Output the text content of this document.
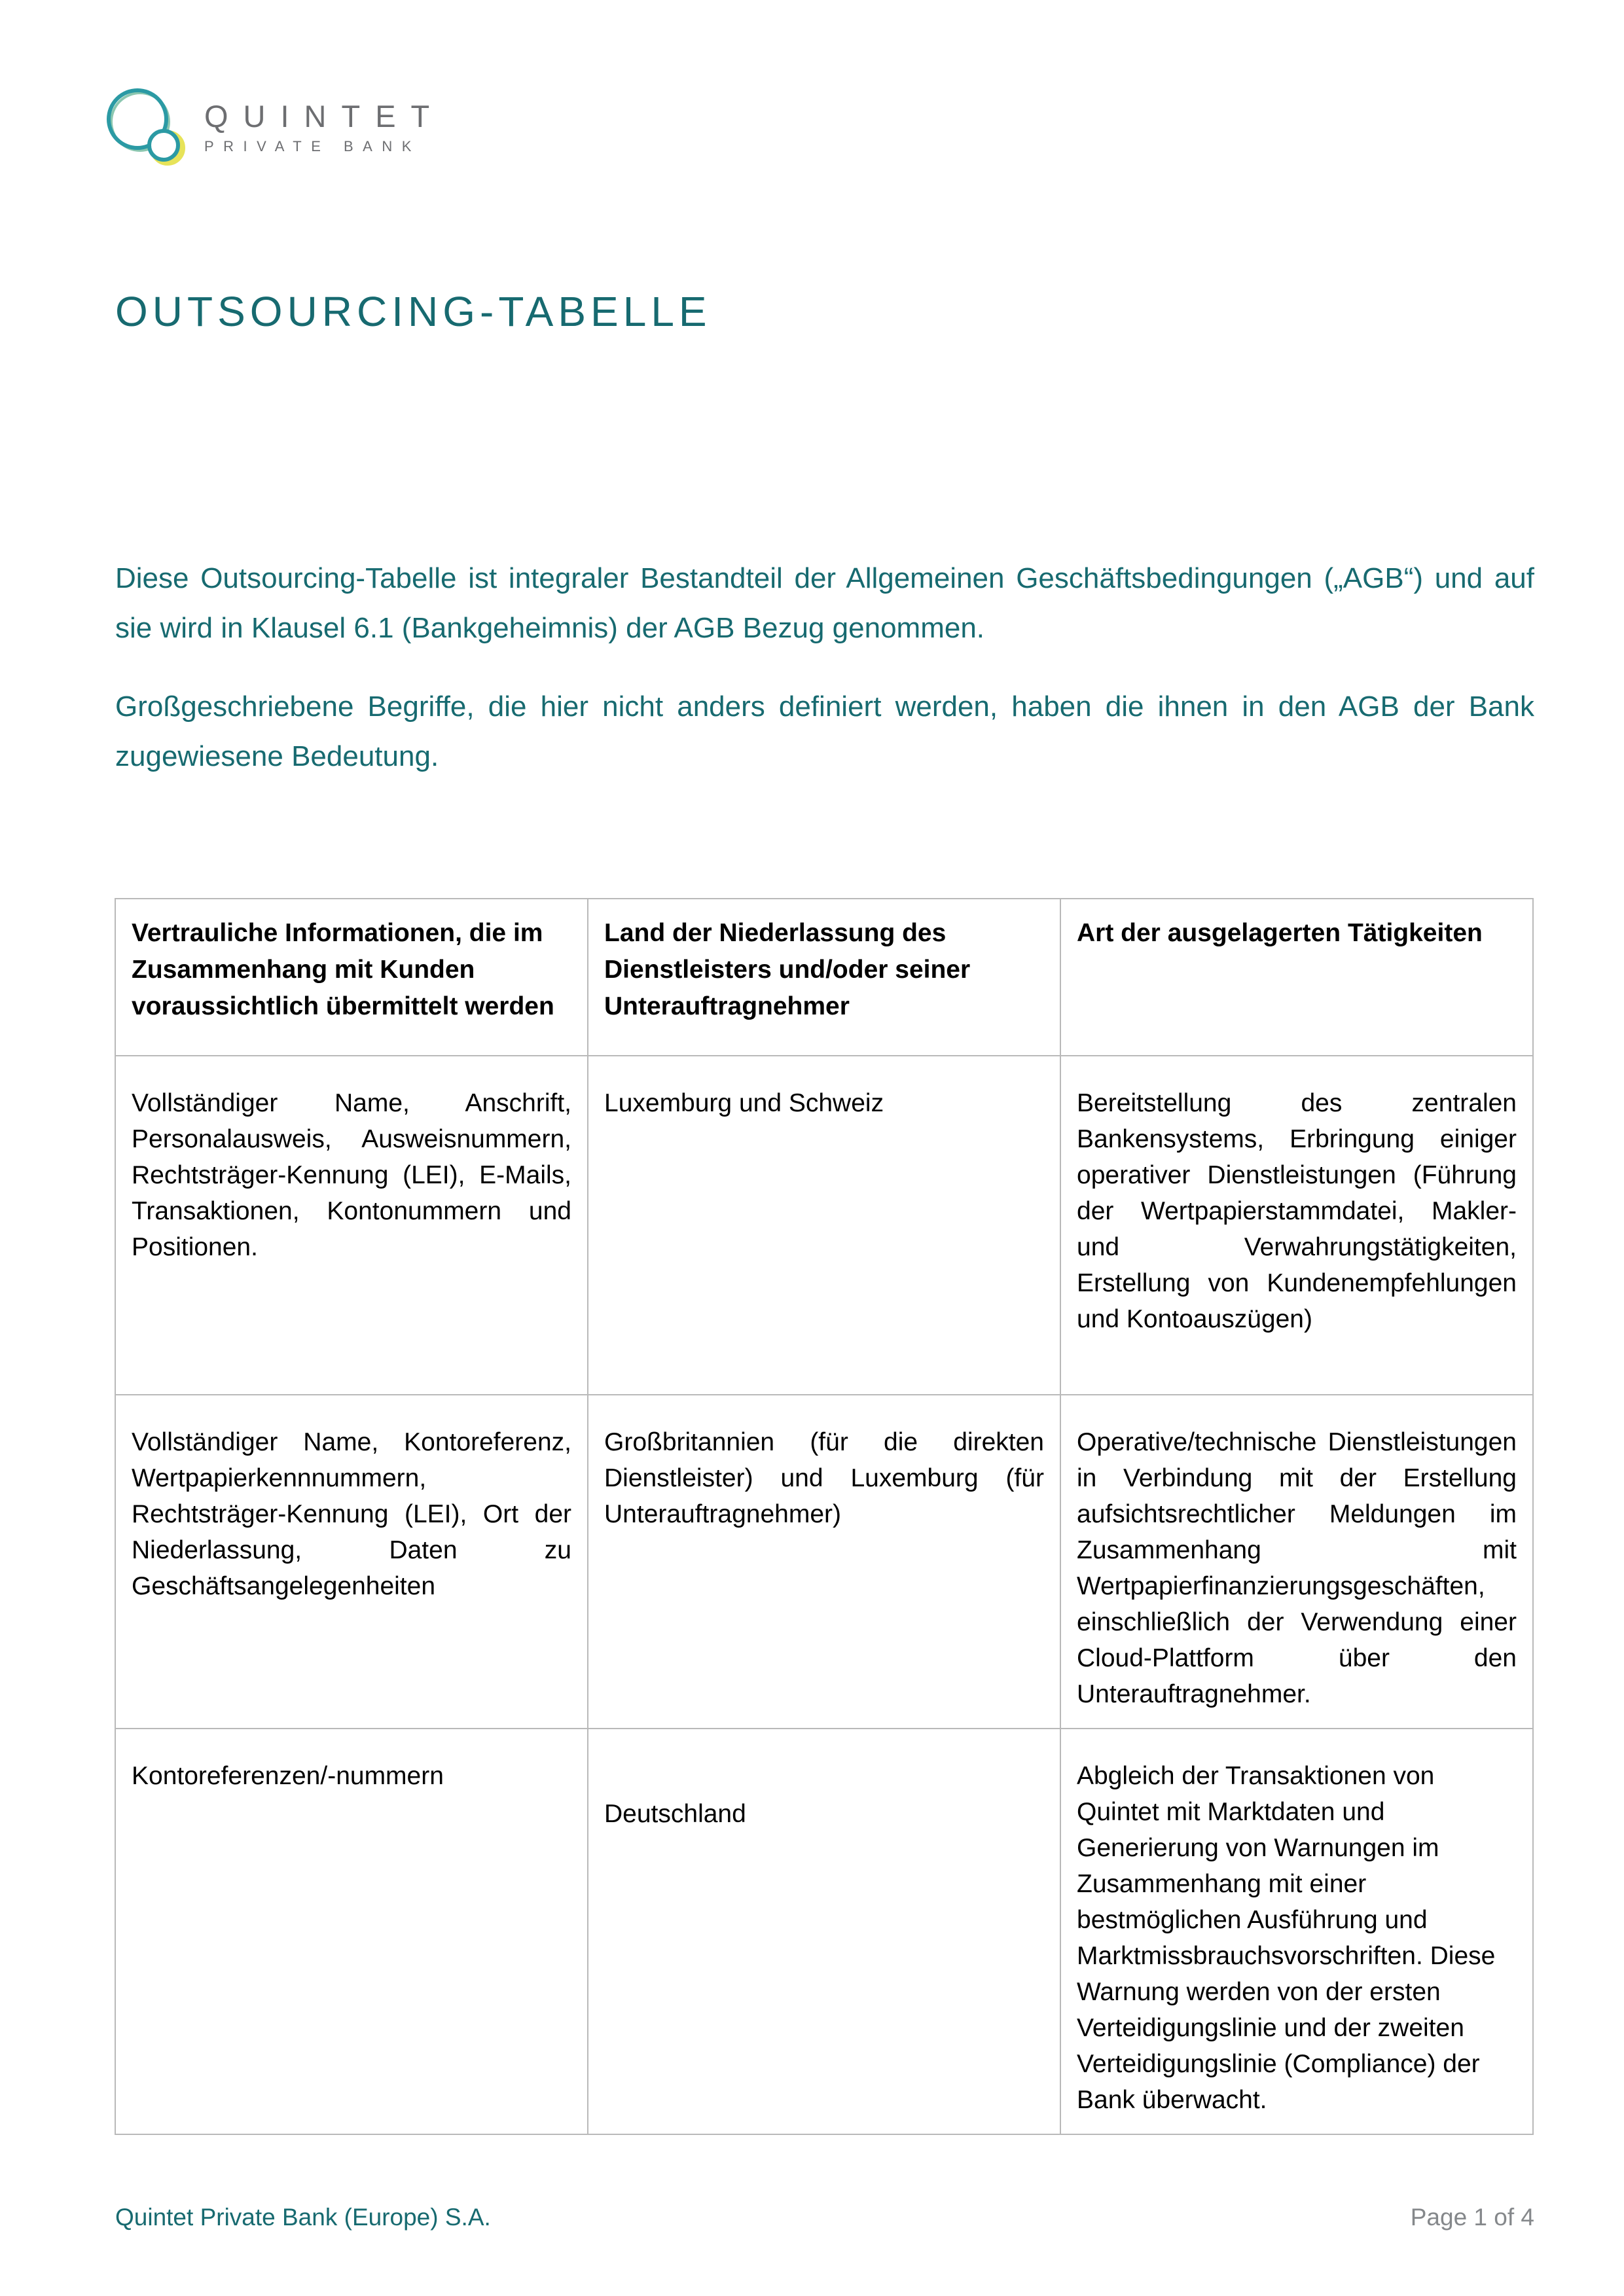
QUINTET
PRIVATE BANK
OUTSOURCING-TABELLE

Diese Outsourcing-Tabelle ist integraler Bestandteil der Allgemeinen Geschäftsbedingungen („AGB“) und auf sie wird in Klausel 6.1 (Bankgeheimnis) der AGB Bezug genommen.

Großgeschriebene Begriffe, die hier nicht anders definiert werden, haben die ihnen in den AGB der Bank zugewiesene Bedeutung.

Vertrauliche Informationen, die im Zusammenhang mit Kunden voraussichtlich übermittelt werden	Land der Niederlassung des Dienstleisters und/oder seiner Unterauftragnehmer	Art der ausgelagerten Tätigkeiten
Vollständiger Name, Anschrift, Personalausweis, Ausweisnummern, Rechtsträger-Kennung (LEI), E-Mails, Transaktionen, Kontonummern und Positionen.	Luxemburg und Schweiz	Bereitstellung des zentralen Bankensystems, Erbringung einiger operativer Dienstleistungen (Führung der Wertpapierstammdatei, Makler- und Verwahrungstätigkeiten, Erstellung von Kundenempfehlungen und Kontoauszügen)
Vollständiger Name, Kontoreferenz, Wertpapierkennnummern, Rechtsträger-Kennung (LEI), Ort der Niederlassung, Daten zu Geschäftsangelegenheiten	Großbritannien (für die direkten Dienstleister) und Luxemburg (für Unterauftragnehmer)	Operative/technische Dienstleistungen in Verbindung mit der Erstellung aufsichtsrechtlicher Meldungen im Zusammenhang mit Wertpapierfinanzierungsgeschäften, einschließlich der Verwendung einer Cloud-Plattform über den Unterauftragnehmer.
Kontoreferenzen/-nummern	Deutschland	Abgleich der Transaktionen von Quintet mit Marktdaten und Generierung von Warnungen im Zusammenhang mit einer bestmöglichen Ausführung und Marktmissbrauchsvorschriften. Diese Warnung werden von der ersten Verteidigungslinie und der zweiten Verteidigungslinie (Compliance) der Bank überwacht.
Quintet Private Bank (Europe) S.A.	Page 1 of 4
